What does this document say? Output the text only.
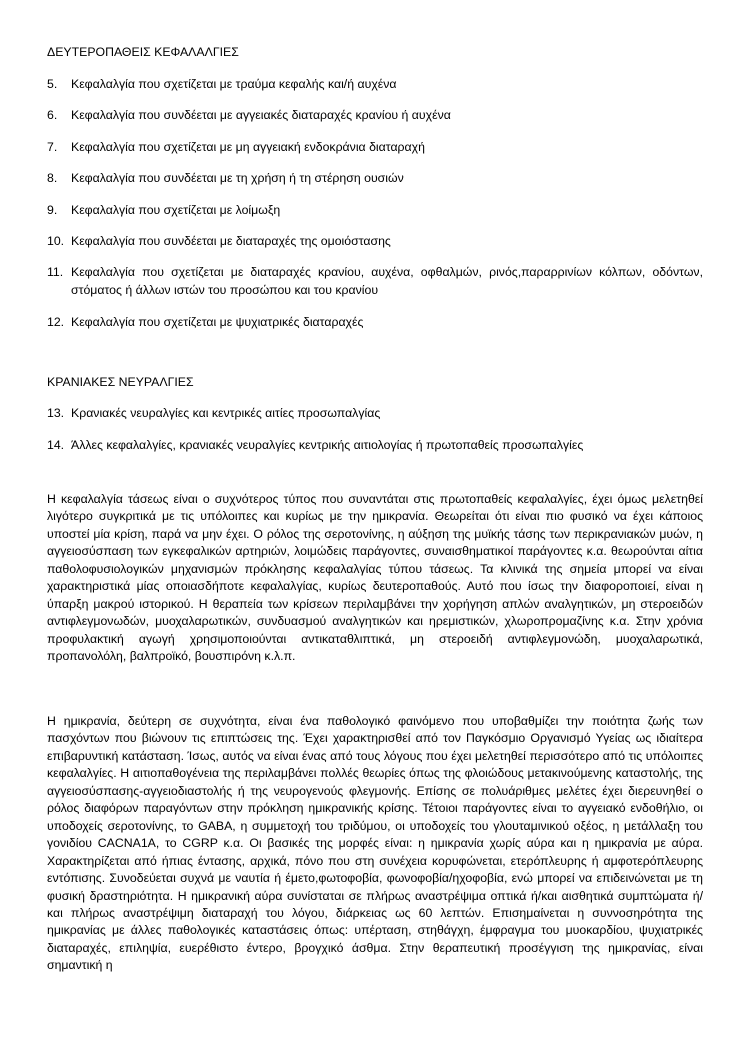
ΔΕΥΤΕΡΟΠΑΘΕΙΣ ΚΕΦΑΛΑΛΓΙΕΣ
5. Κεφαλαλγία που σχετίζεται με τραύμα κεφαλής και/ή αυχένα
6. Κεφαλαλγία που συνδέεται με αγγειακές διαταραχές κρανίου ή αυχένα
7. Κεφαλαλγία που σχετίζεται με μη αγγειακή ενδοκράνια διαταραχή
8. Κεφαλαλγία που συνδέεται με τη χρήση ή τη στέρηση ουσιών
9. Κεφαλαλγία που σχετίζεται με λοίμωξη
10. Κεφαλαλγία που συνδέεται με διαταραχές της ομοιόστασης
11. Κεφαλαλγία που σχετίζεται με διαταραχές κρανίου, αυχένα, οφθαλμών, ρινός,παραρρινίων κόλπων, οδόντων, στόματος ή άλλων ιστών του προσώπου και του κρανίου
12. Κεφαλαλγία που σχετίζεται με ψυχιατρικές διαταραχές
ΚΡΑΝΙΑΚΕΣ ΝΕΥΡΑΛΓΙΕΣ
13. Κρανιακές νευραλγίες και κεντρικές αιτίες προσωπαλγίας
14. Άλλες κεφαλαλγίες, κρανιακές νευραλγίες κεντρικής αιτιολογίας ή πρωτοπαθείς προσωπαλγίες

Η κεφαλαλγία τάσεως είναι ο συχνότερος τύπος που συναντάται στις πρωτοπαθείς κεφαλαλγίες, έχει όμως μελετηθεί λιγότερο συγκριτικά με τις υπόλοιπες και κυρίως με την ημικρανία. Θεωρείται ότι είναι πιο φυσικό να έχει κάποιος υποστεί μία κρίση, παρά να μην έχει. Ο ρόλος της σεροτονίνης, η αύξηση της μυϊκής τάσης των περικρανιακών μυών, η αγγειοσύσπαση των εγκεφαλικών αρτηριών, λοιμώδεις παράγοντες, συναισθηματικοί παράγοντες κ.α. θεωρούνται αίτια παθολοφυσιολογικών μηχανισμών πρόκλησης κεφαλαλγίας τύπου τάσεως. Τα κλινικά της σημεία μπορεί να είναι χαρακτηριστικά μίας οποιασδήποτε κεφαλαλγίας, κυρίως δευτεροπαθούς. Αυτό που ίσως την διαφοροποιεί, είναι η ύπαρξη μακρού ιστορικού. Η θεραπεία των κρίσεων περιλαμβάνει την χορήγηση απλών αναλγητικών, μη στεροειδών αντιφλεγμονωδών, μυοχαλαρωτικών, συνδυασμού αναλγητικών και ηρεμιστικών, χλωροπρομαζίνης κ.α. Στην χρόνια προφυλακτική αγωγή χρησιμοποιούνται αντικαταθλιπτικά, μη στεροειδή αντιφλεγμονώδη, μυοχαλαρωτικά, προπανολόλη, βαλπροϊκό, βουσπιρόνη κ.λ.π.

Η ημικρανία, δεύτερη σε συχνότητα, είναι ένα παθολογικό φαινόμενο που υποβαθμίζει την ποιότητα ζωής των πασχόντων που βιώνουν τις επιπτώσεις της. Έχει χαρακτηρισθεί από τον Παγκόσμιο Οργανισμό Υγείας ως ιδιαίτερα επιβαρυντική κατάσταση. Ίσως, αυτός να είναι ένας από τους λόγους που έχει μελετηθεί περισσότερο από τις υπόλοιπες κεφαλαλγίες. Η αιτιοπαθογένεια της περιλαμβάνει πολλές θεωρίες όπως της φλοιώδους μετακινούμενης καταστολής, της αγγειοσύσπασης-αγγειοδιαστολής ή της νευρογενούς φλεγμονής. Επίσης σε πολυάριθμες μελέτες έχει διερευνηθεί ο ρόλος διαφόρων παραγόντων στην πρόκληση ημικρανικής κρίσης. Τέτοιοι παράγοντες είναι το αγγειακό ενδοθήλιο, οι υποδοχείς σεροτονίνης, το GABA, η συμμετοχή του τριδύμου, οι υποδοχείς του γλουταμινικού οξέος, η μετάλλαξη του γονιδίου CACNA1A, το CGRP κ.α. Οι βασικές της μορφές είναι: η ημικρανία χωρίς αύρα και η ημικρανία με αύρα. Χαρακτηρίζεται από ήπιας έντασης, αρχικά, πόνο που στη συνέχεια κορυφώνεται, ετερόπλευρης ή αμφοτερόπλευρης εντόπισης. Συνοδεύεται συχνά με ναυτία ή έμετο,φωτοφοβία, φωνοφοβία/ηχοφοβία, ενώ μπορεί να επιδεινώνεται με τη φυσική δραστηριότητα. Η ημικρανική αύρα συνίσταται σε πλήρως αναστρέψιμα οπτικά ή/και αισθητικά συμπτώματα ή/και πλήρως αναστρέψιμη διαταραχή του λόγου, διάρκειας ως 60 λεπτών. Επισημαίνεται η συννοσηρότητα της ημικρανίας με άλλες παθολογικές καταστάσεις όπως: υπέρταση, στηθάγχη, έμφραγμα του μυοκαρδίου, ψυχιατρικές διαταραχές, επιληψία, ευερέθιστο έντερο, βρογχικό άσθμα. Στην θεραπευτική προσέγγιση της ημικρανίας, είναι σημαντική η
